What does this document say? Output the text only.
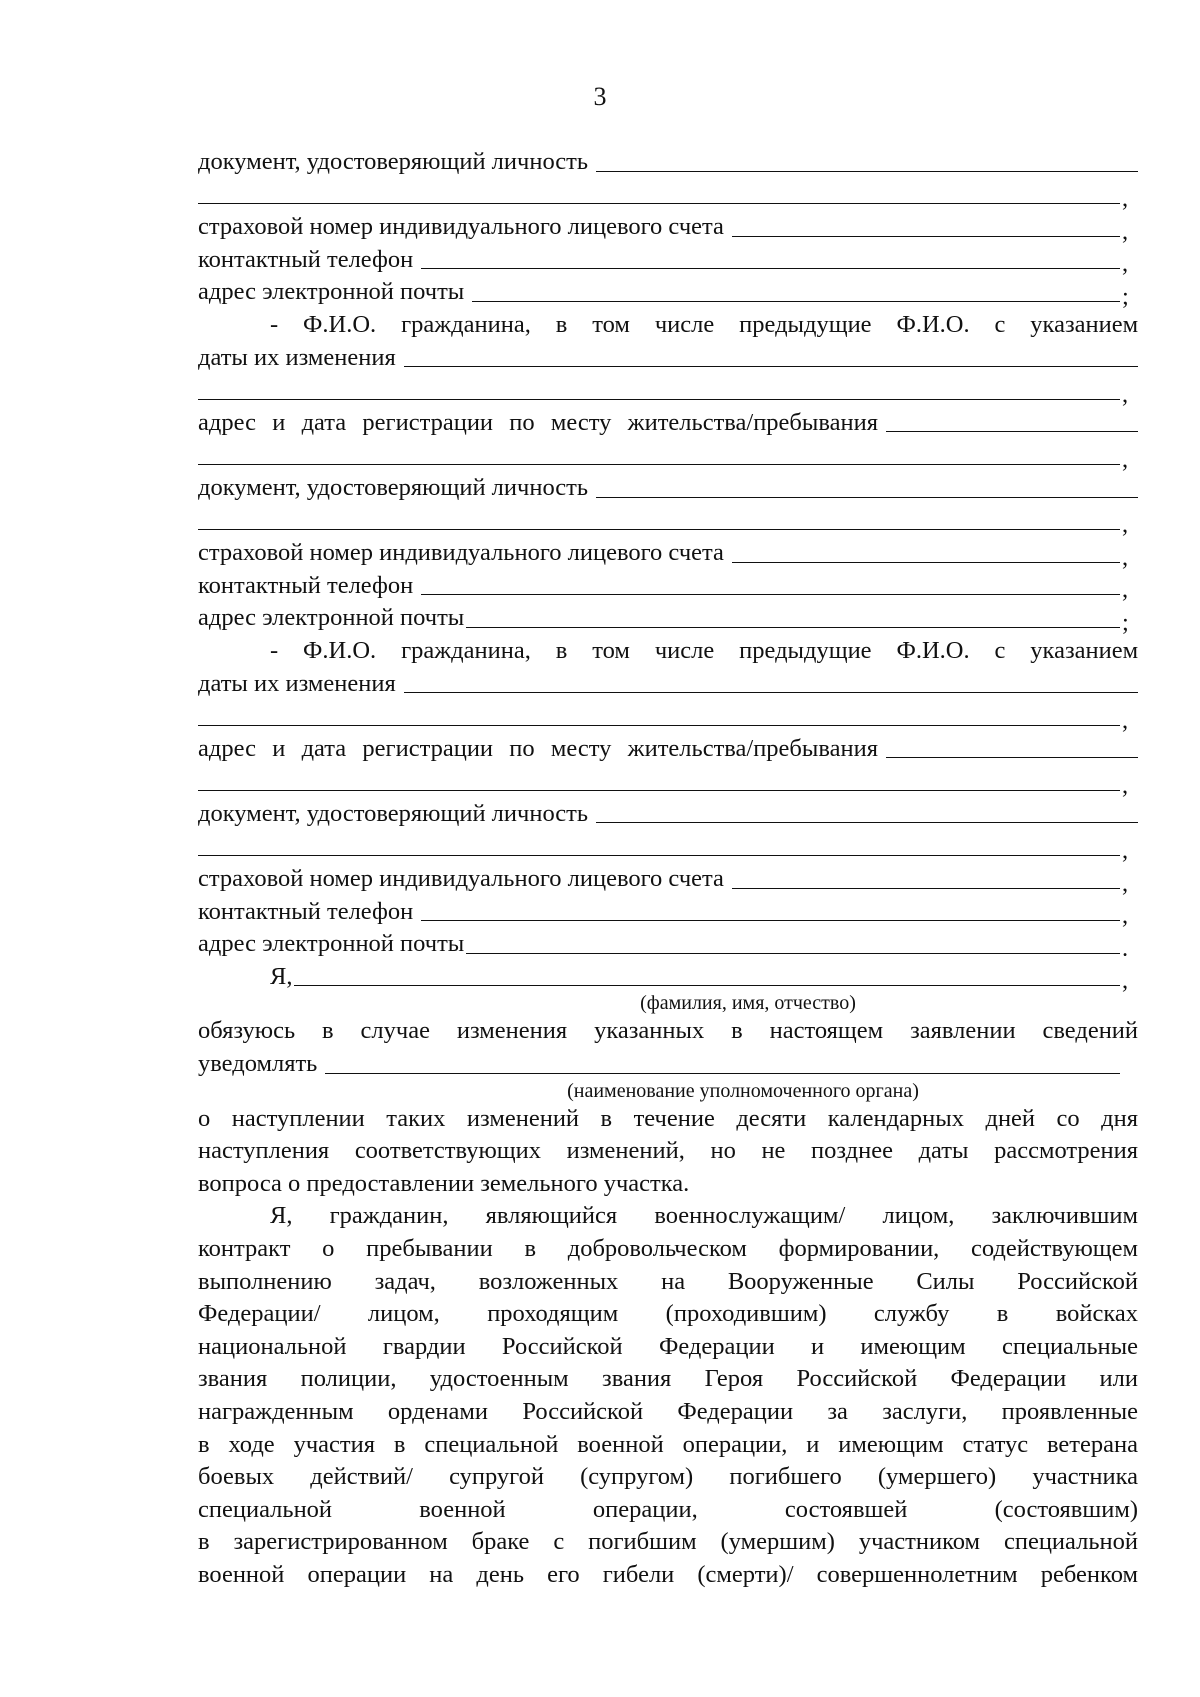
3
документ, удостоверяющий личность
,
страховой номер индивидуального лицевого счета	,
контактный телефон	,
адрес электронной почты	;
- Ф.И.О. гражданина, в том числе предыдущие Ф.И.О. с указанием
даты их изменения
,
адрес и дата регистрации по месту жительства/пребывания
,
документ, удостоверяющий личность
,
страховой номер индивидуального лицевого счета	,
контактный телефон	,
адрес электронной почты	;
- Ф.И.О. гражданина, в том числе предыдущие Ф.И.О. с указанием
даты их изменения
,
адрес и дата регистрации по месту жительства/пребывания
,
документ, удостоверяющий личность
,
страховой номер индивидуального лицевого счета	,
контактный телефон	,
адрес электронной почты	.
Я,	,
(фамилия, имя, отчество)
обязуюсь в случае изменения указанных в настоящем заявлении сведений
уведомлять
(наименование уполномоченного органа)
о наступлении таких изменений в течение десяти календарных дней со дня
наступления соответствующих изменений, но не позднее даты рассмотрения
вопроса о предоставлении земельного участка.
Я, гражданин, являющийся военнослужащим/ лицом, заключившим
контракт о пребывании в добровольческом формировании, содействующем
выполнению задач, возложенных на Вооруженные Силы Российской
Федерации/ лицом, проходящим (проходившим) службу в войсках
национальной гвардии Российской Федерации и имеющим специальные
звания полиции, удостоенным звания Героя Российской Федерации или
награжденным орденами Российской Федерации за заслуги, проявленные
в ходе участия в специальной военной операции, и имеющим статус ветерана
боевых действий/ супругой (супругом) погибшего (умершего) участника
специальной военной операции, состоявшей (состоявшим)
в зарегистрированном браке с погибшим (умершим) участником специальной
военной операции на день его гибели (смерти)/ совершеннолетним ребенком
